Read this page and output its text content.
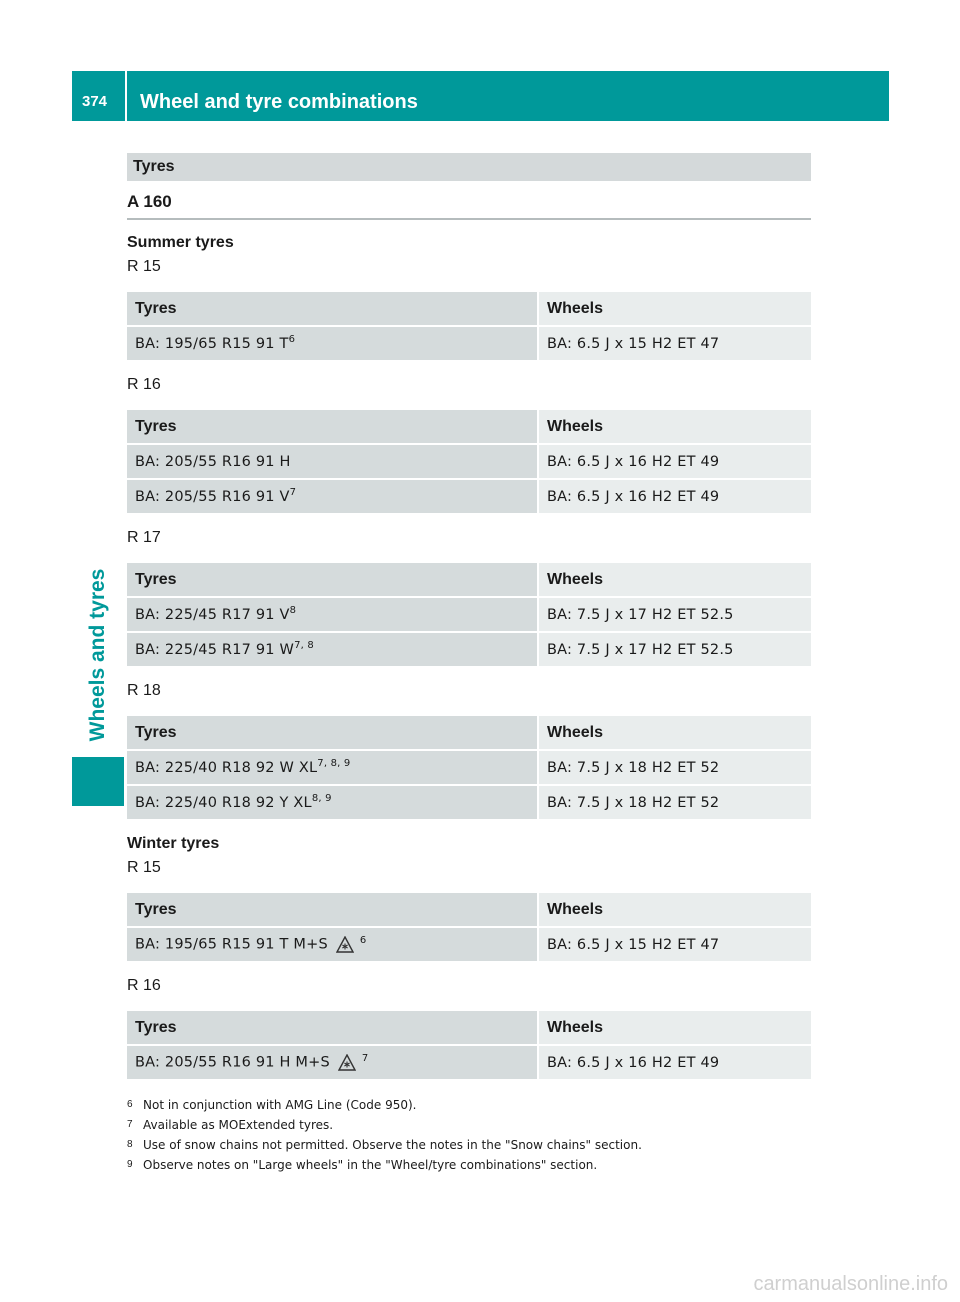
374 Wheel and tyre combinations
Wheels and tyres
Tyres
A 160
Summer tyres
R 15
Tyres	Wheels
BA: 195/65 R15 91 $T^6$	BA: 6.5 J x 15 H2 ET 47
R 16
Tyres	Wheels
BA: 205/55 R16 91 H	BA: 6.5 J x 16 H2 ET 49
BA: 205/55 R16 91 $V^7$	BA: 6.5 J x 16 H2 ET 49
R 17
Tyres	Wheels
BA: 225/45 R17 91 $V^8$	BA: 7.5 J x 17 H2 ET 52.5
BA: 225/45 R17 91 W$^{7, 8}$	BA: 7.5 J x 17 H2 ET 52.5
R 18
Tyres	Wheels
BA: 225/40 R18 92 W XL$^{7, 8, 9}$	BA: 7.5 J x 18 H2 ET 52
BA: 225/40 R18 92 Y XL$^{8, 9}$	BA: 7.5 J x 18 H2 ET 52
Winter tyres
R 15
Tyres	Wheels
BA: 195/65 R15 91 T M+S $^6$	BA: 6.5 J x 15 H2 ET 47
R 16
Tyres	Wheels
BA: 205/55 R16 91 H M+S $^7$	BA: 6.5 J x 16 H2 ET 49
6 Not in conjunction with AMG Line (Code 950).
7 Available as MOExtended tyres.
8 Use of snow chains not permitted. Observe the notes in the "Snow chains" section.
9 Observe notes on "Large wheels" in the "Wheel/tyre combinations" section.
carmanualsonline.info
